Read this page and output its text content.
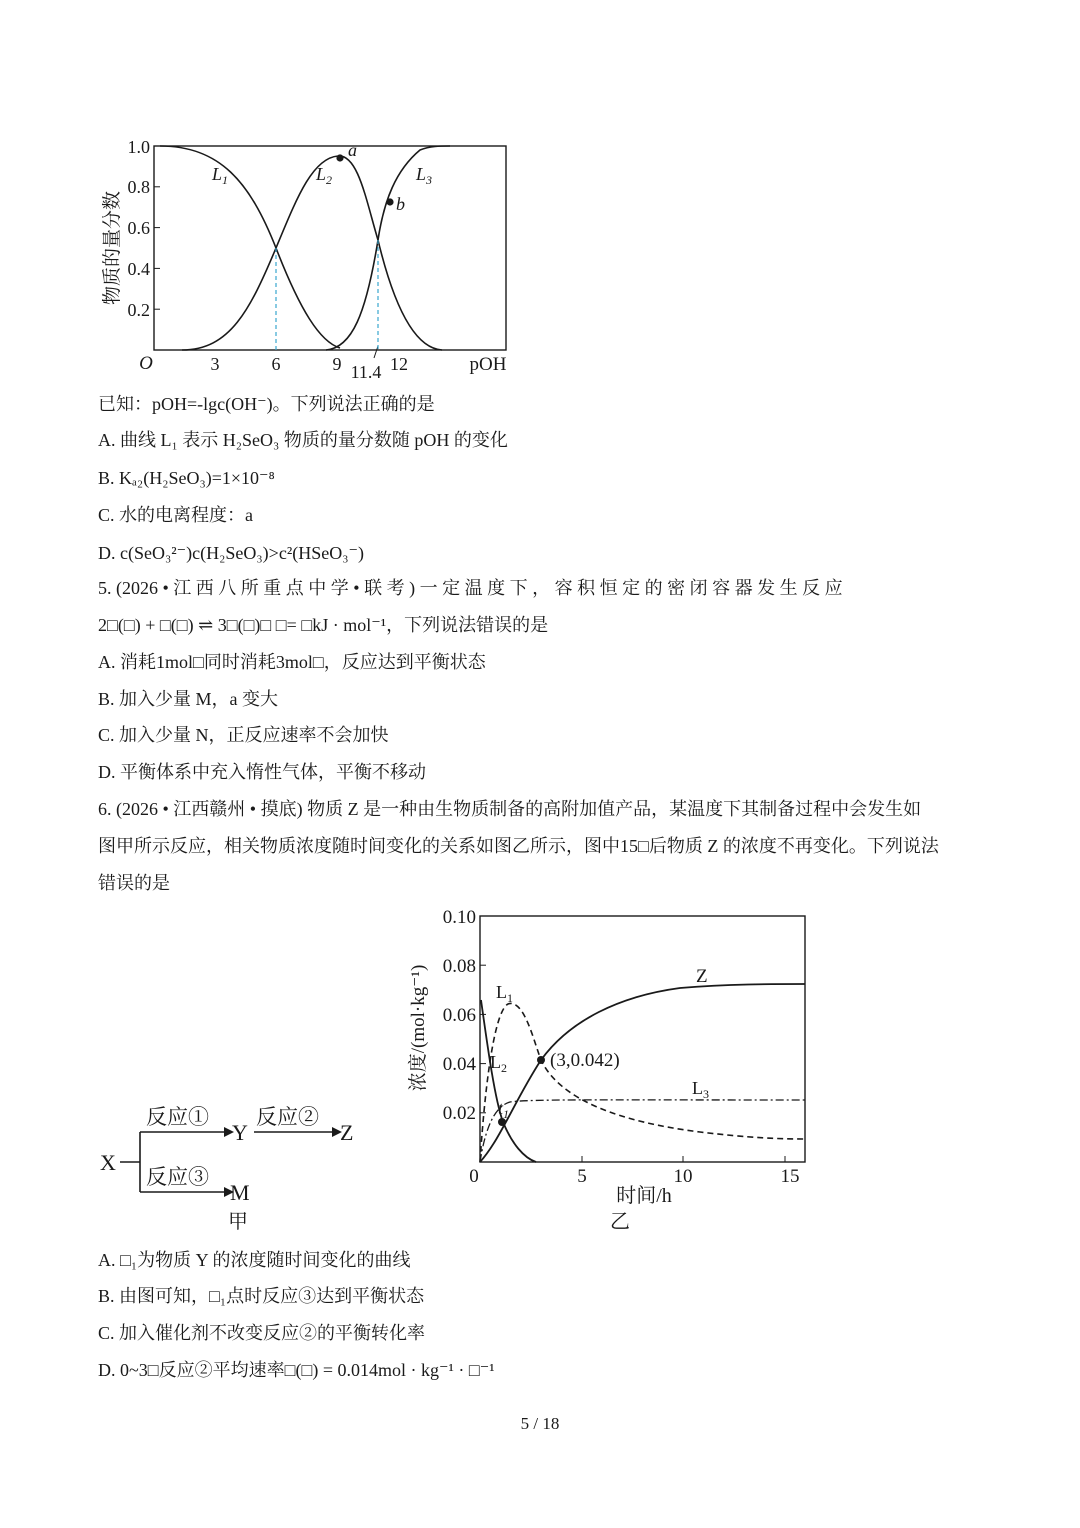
1.0
0.8
0.6
0.4
0.2
O	3	6	9	12
11.4	pOH
物质的量分数
a
b
$L_1$	$L_2$	$L_3$
已知：pOH=-lgc(OH⁻)。下列说法正确的是
A. 曲线 L₁ 表示 H₂SeO₃ 物质的量分数随 pOH 的变化
B. Kₐ₂(H₂SeO₃)=1×10⁻⁸
C. 水的电离程度：a
D. c(SeO₃²⁻)c(H₂SeO₃)>c²(HSeO₃⁻)
5. (2026 • 江 西 八 所 重 点 中 学 • 联 考 ) 一 定 温 度 下 ， 容 积 恒 定 的 密 闭 容 器 发 生 反 应
2□(□) + □(□) ⇌ 3□(□)□ □= □kJ · mol⁻¹，下列说法错误的是
A. 消耗1mol□同时消耗3mol□，反应达到平衡状态
B. 加入少量 M，a 变大
C. 加入少量 N，正反应速率不会加快
D. 平衡体系中充入惰性气体，平衡不移动
6. (2026 • 江西赣州 • 摸底) 物质 Z 是一种由生物质制备的高附加值产品，某温度下其制备过程中会发生如
图甲所示反应，相关物质浓度随时间变化的关系如图乙所示，图中15□后物质 Z 的浓度不再变化。下列说法
错误的是
X
反应①
Y
反应②
Z
反应③
M
甲
0.10
0.08
0.06
0.04
0.02
0	5	10	15
时间/h
乙
浓度/(mol·kg⁻¹)	(3,0.042)
Z
$L_1$
$L_2$
$L_3$
$t_1$
A. □₁为物质 Y 的浓度随时间变化的曲线
B. 由图可知，□₁点时反应③达到平衡状态
C. 加入催化剂不改变反应②的平衡转化率
D. 0~3□反应②平均速率□(□) = 0.014mol · kg⁻¹ · □⁻¹
5 / 18
